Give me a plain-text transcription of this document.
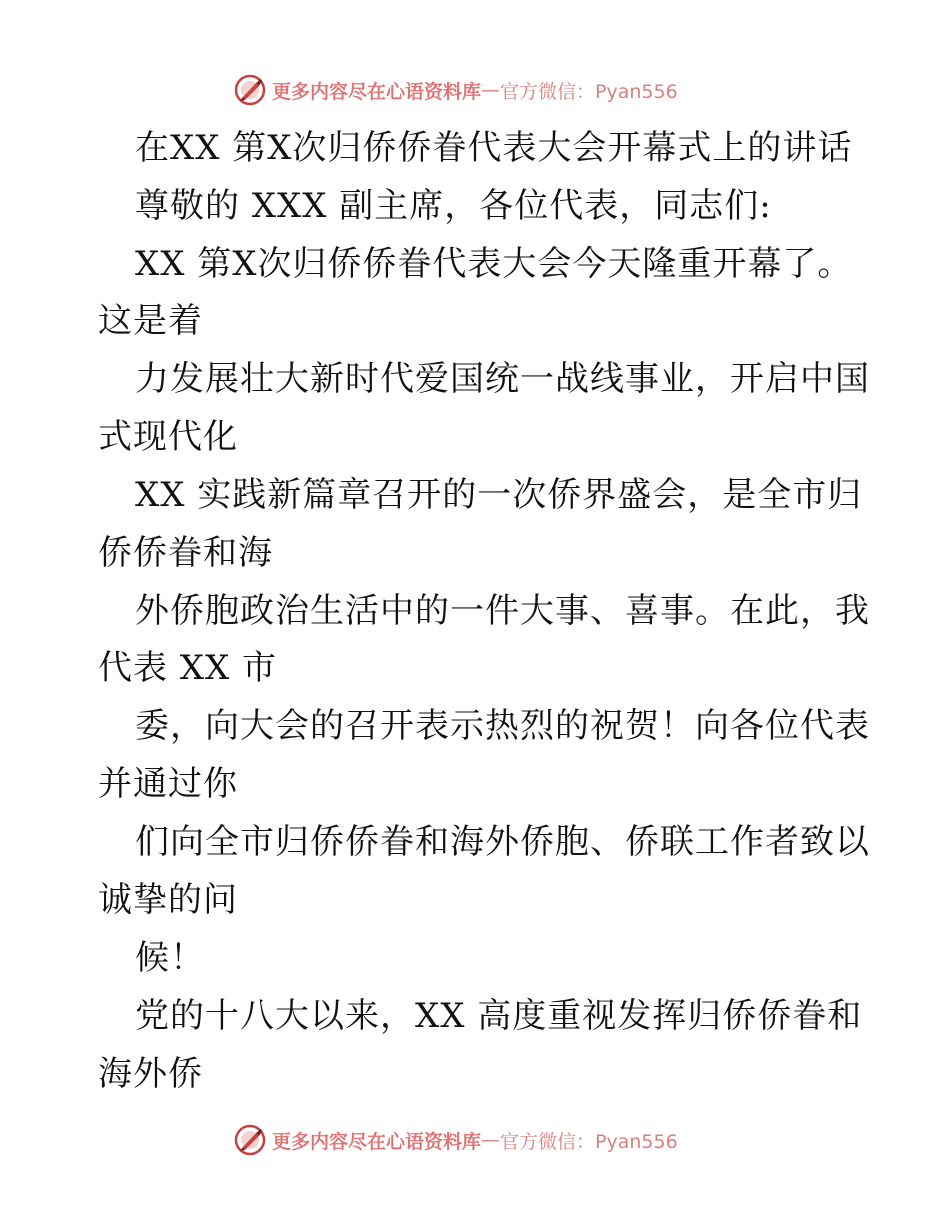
更多内容尽在心语资料库 — 官方微信：Pyan556
在XX 第X次归侨侨眷代表大会开幕式上的讲话
尊敬的 XXX 副主席，各位代表，同志们:
XX 第X次归侨侨眷代表大会今天隆重开幕了。
这是着
力发展壮大新时代爱国统一战线事业，开启中国
式现代化
XX 实践新篇章召开的一次侨界盛会，是全市归
侨侨眷和海
外侨胞政治生活中的一件大事、喜事。在此，我
代表 XX 市
委，向大会的召开表示热烈的祝贺！向各位代表
并通过你
们向全市归侨侨眷和海外侨胞、侨联工作者致以
诚挚的问
候！
党的十八大以来，XX 高度重视发挥归侨侨眷和
海外侨
更多内容尽在心语资料库 — 官方微信：Pyan556
